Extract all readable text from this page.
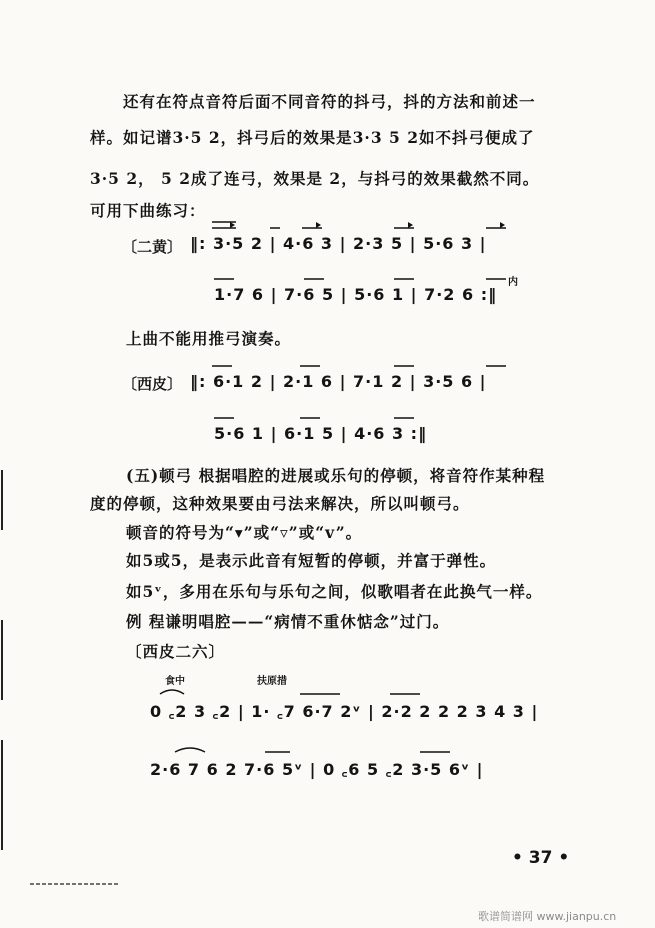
还有在符点音符后面不同音符的抖弓，抖的方法和前述一
样。如记谱3·5 2，抖弓后的效果是3·3 5 2如不抖弓便成了
3·5 2， 5 2成了连弓，效果是 2，与抖弓的效果截然不同。
可用下曲练习：
〔二黄〕 ‖: 3·5 2 | 4·6 3 | 2·3 5 | 5·6 3 |
内
1·7 6 | 7·6 5 | 5·6 1 | 7·2 6 :‖
上曲不能用推弓演奏。
〔西皮〕 ‖: 6·1 2 | 2·1 6 | 7·1 2 | 3·5 6 |
5·6 1 | 6·1 5 | 4·6 3 :‖
(五)顿弓 根据唱腔的进展或乐句的停顿，将音符作某种程
度的停顿，这种效果要由弓法来解决，所以叫顿弓。
顿音的符号为“▾”或“▿”或“v”。
如5或5，是表示此音有短暂的停顿，并富于弹性。
如5ᵛ，多用在乐句与乐句之间，似歌唱者在此换气一样。
例 程谦明唱腔——“病情不重休惦念”过门。
〔西皮二六〕
食中	扶原措
0 ꜀2 3 ꜀2 | 1· ꜀7 6·7 2ᵛ | 2·2 2 2 2 3 4 3 |
2·6 7 6 2 7·6 5ᵛ | 0 ꜀6 5 ꜀2 3·5 6ᵛ |
• 37 •
歌谱简谱网 www.jianpu.cn
